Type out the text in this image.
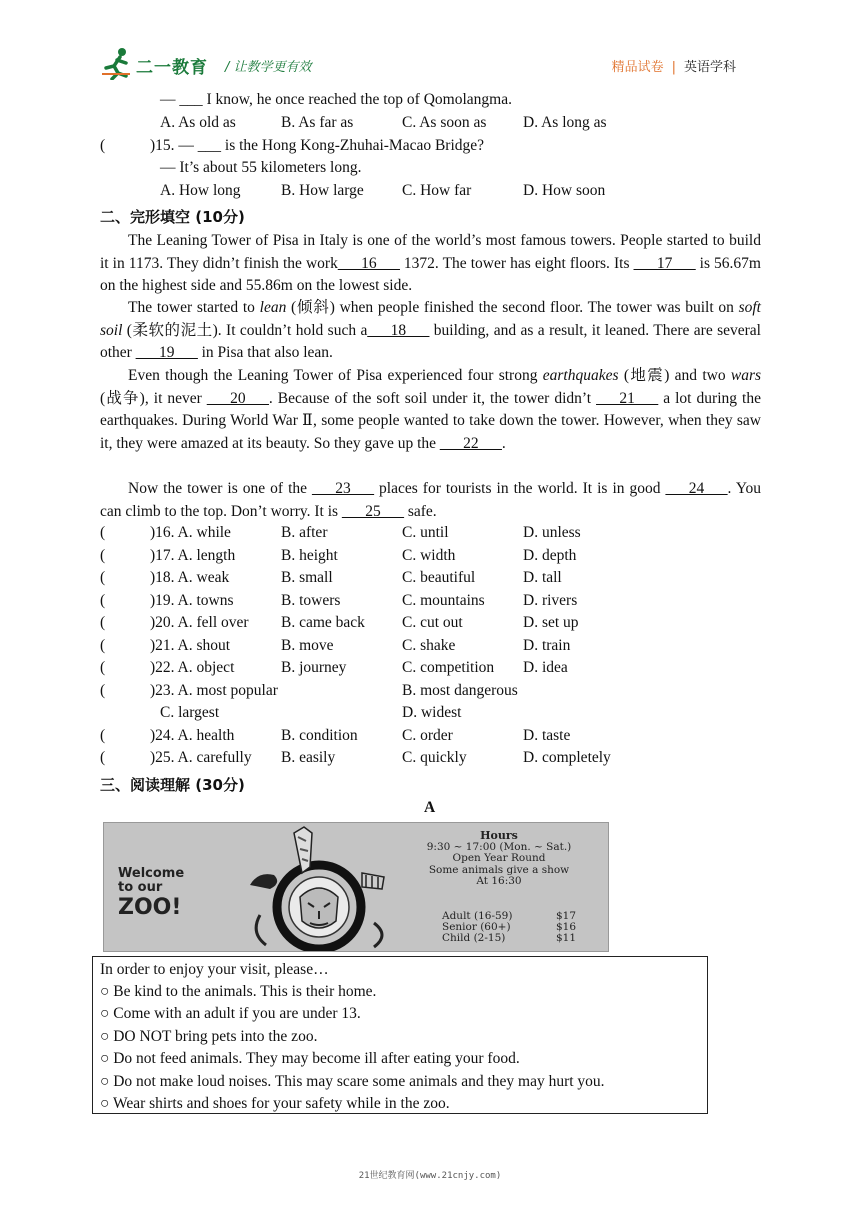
二一教育 / 让教学更有效	精品试卷 | 英语学科
— ___ I know, he once reached the top of Qomolangma.
A. As old as	B. As far as	C. As soon as D. As long as
(	)15. — ___ is the Hong Kong-Zhuhai-Macao Bridge?
— It’s about 55 kilometers long.
A. How long	B. How large C. How far	D. How soon
二、完形填空 (10分)
The Leaning Tower of Pisa in Italy is one of the world’s most famous towers. People started to build it in 1173. They didn’t finish the work___16___ 1372. The tower has eight floors. Its ___17___ is 56.67m on the highest side and 55.86m on the lowest side.
The tower started to lean (倾斜) when people finished the second floor. The tower was built on soft soil (柔软的泥土). It couldn’t hold such a___18___ building, and as a result, it leaned. There are several other ___19___ in Pisa that also lean.
Even though the Leaning Tower of Pisa experienced four strong earthquakes (地震) and two wars (战争), it never ___20___. Because of the soft soil under it, the tower didn’t ___21___ a lot during the earthquakes. During World War Ⅱ, some people wanted to take down the tower. However, when they saw it, they were amazed at its beauty. So they gave up the ___22___.
Now the tower is one of the ___23___ places for tourists in the world. It is in good ___24___. You can climb to the top. Don’t worry. It is ___25___ safe.
(	)16. A. while	B. after	C. until	D. unless
(	)17. A. length	B. height	C. width	D. depth
(	)18. A. weak	B. small	C. beautiful	D. tall
(	)19. A. towns	B. towers	C. mountains D. rivers
(	)20. A. fell over B. came back C. cut out	D. set up
(	)21. A. shout	B. move	C. shake	D. train
(	)22. A. object	B. journey	C. competition D. idea
(	)23. A. most popular	B. most dangerous
C. largest	D. widest
(	)24. A. health	B. condition	C. order	D. taste
(	)25. A. carefully B. easily	C. quickly	D. completely
三、阅读理解 (30分)
A
Welcome
to our
ZOO!
Hours
9:30 ~ 17:00 (Mon. ~ Sat.)
Open Year Round
Some animals give a show
At 16:30
Adult (16-59)	$17
Senior (60+)	$16
Child (2-15)	$11
In order to enjoy your visit, please…
○ Be kind to the animals. This is their home.
○ Come with an adult if you are under 13.
○ DO NOT bring pets into the zoo.
○ Do not feed animals. They may become ill after eating your food.
○ Do not make loud noises. This may scare some animals and they may hurt you.
○ Wear shirts and shoes for your safety while in the zoo.
21世纪教育网(www.21cnjy.com)
